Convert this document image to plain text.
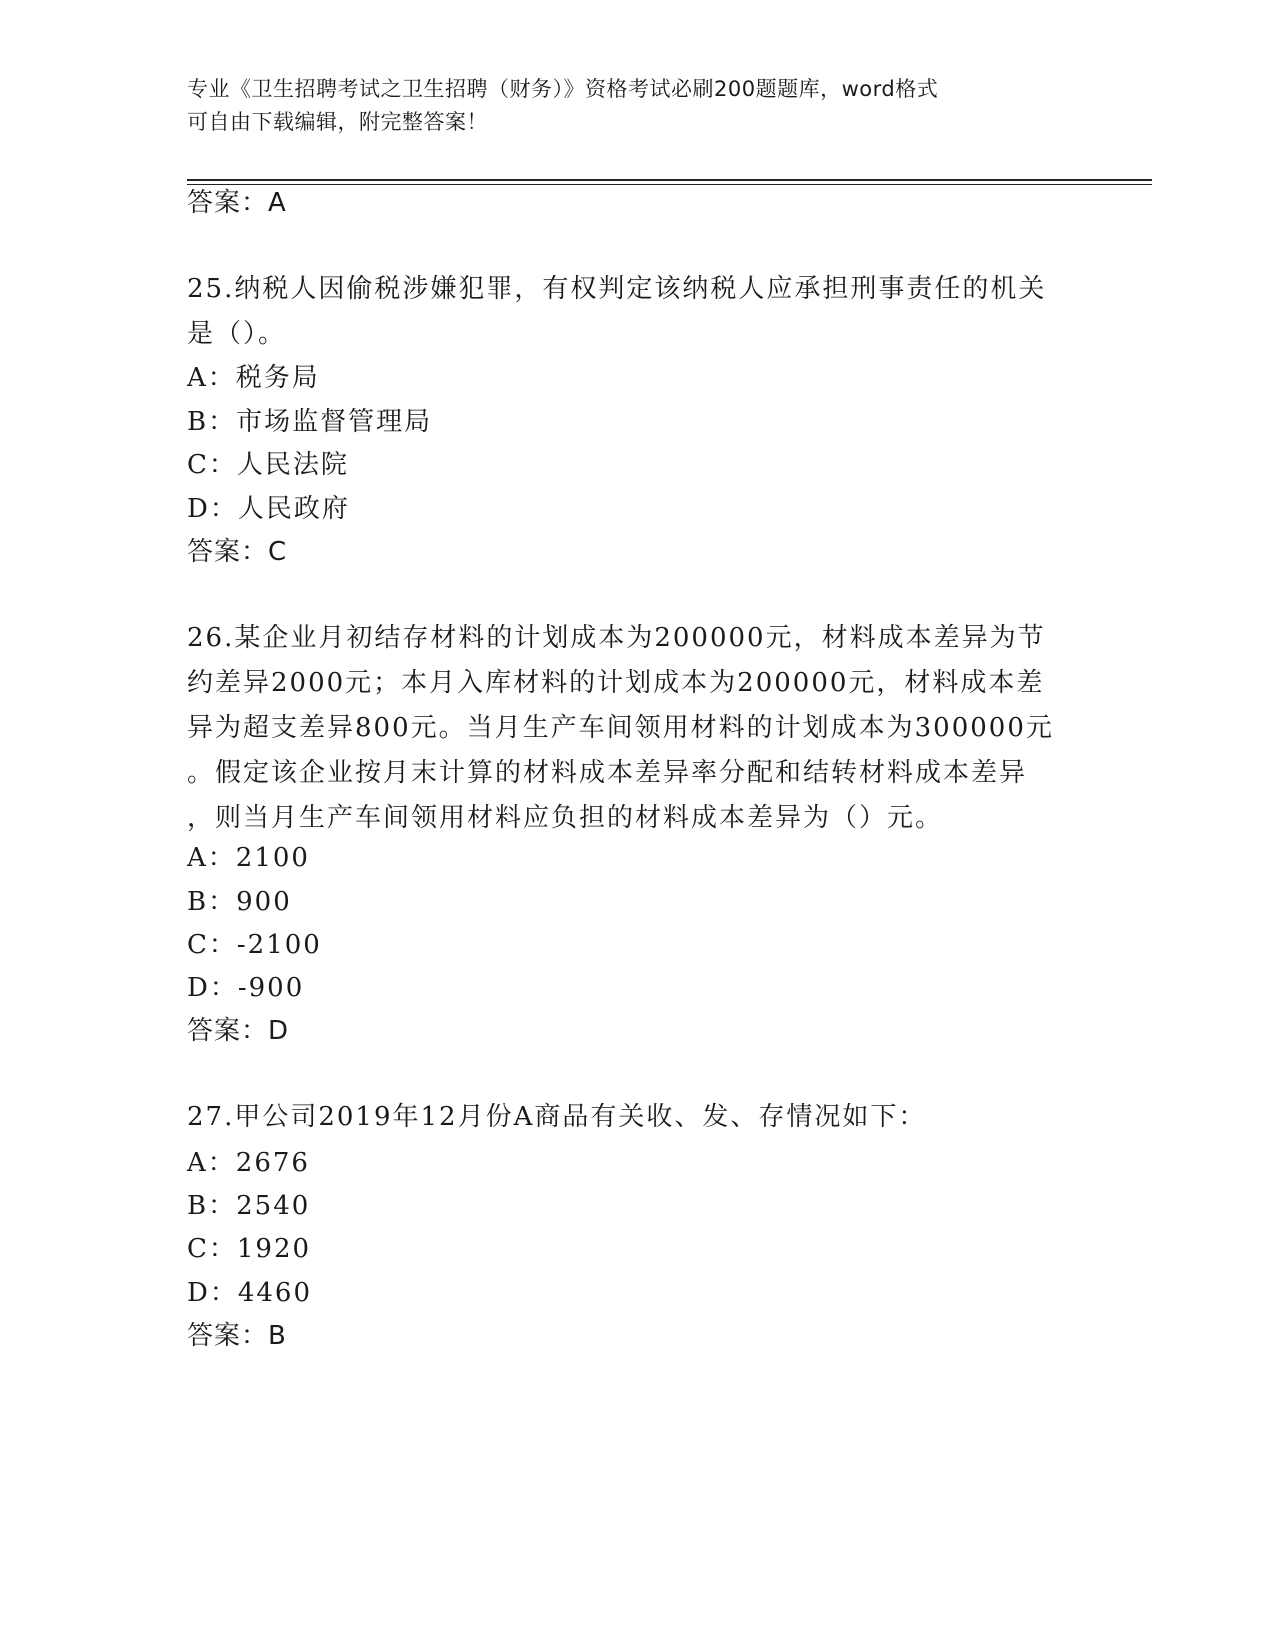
专业《卫生招聘考试之卫生招聘（财务）》资格考试必刷200题题库，word格式
可自由下载编辑，附完整答案！
答案：A
25.纳税人因偷税涉嫌犯罪，有权判定该纳税人应承担刑事责任的机关
是（）。
A：税务局
B：市场监督管理局
C：人民法院
D：人民政府
答案：C
26.某企业月初结存材料的计划成本为200000元，材料成本差异为节
约差异2000元；本月入库材料的计划成本为200000元，材料成本差
异为超支差异800元。当月生产车间领用材料的计划成本为300000元
。假定该企业按月末计算的材料成本差异率分配和结转材料成本差异
，则当月生产车间领用材料应负担的材料成本差异为（）元。
A：2100
B：900
C：-2100
D：-900
答案：D
27.甲公司2019年12月份A商品有关收、发、存情况如下：
A：2676
B：2540
C：1920
D：4460
答案：B
